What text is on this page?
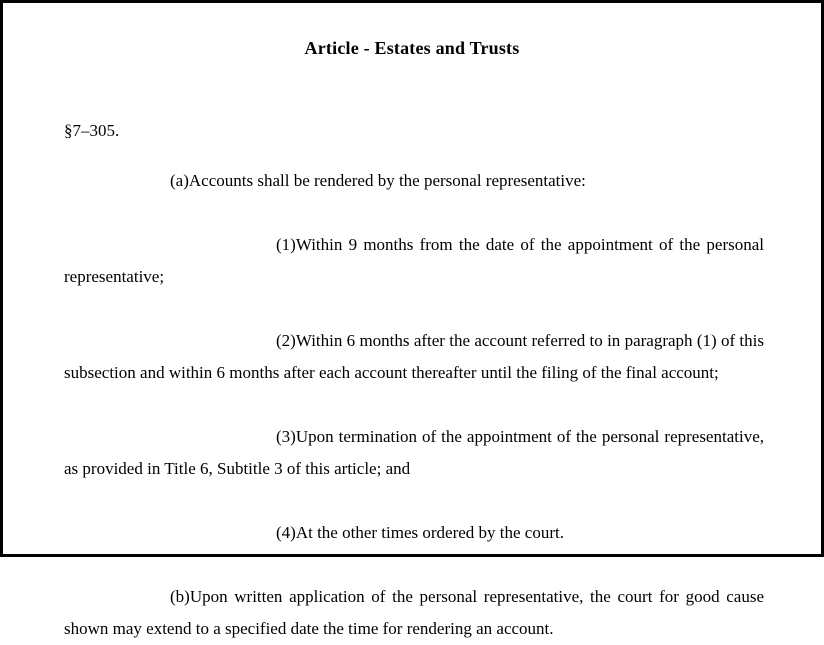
Article - Estates and Trusts

§7–305.

(a)Accounts shall be rendered by the personal representative:

(1)Within 9 months from the date of the appointment of the personal representative;

(2)Within 6 months after the account referred to in paragraph (1) of this subsection and within 6 months after each account thereafter until the filing of the final account;

(3)Upon termination of the appointment of the personal representative, as provided in Title 6, Subtitle 3 of this article; and

(4)At the other times ordered by the court.

(b)Upon written application of the personal representative, the court for good cause shown may extend to a specified date the time for rendering an account.
